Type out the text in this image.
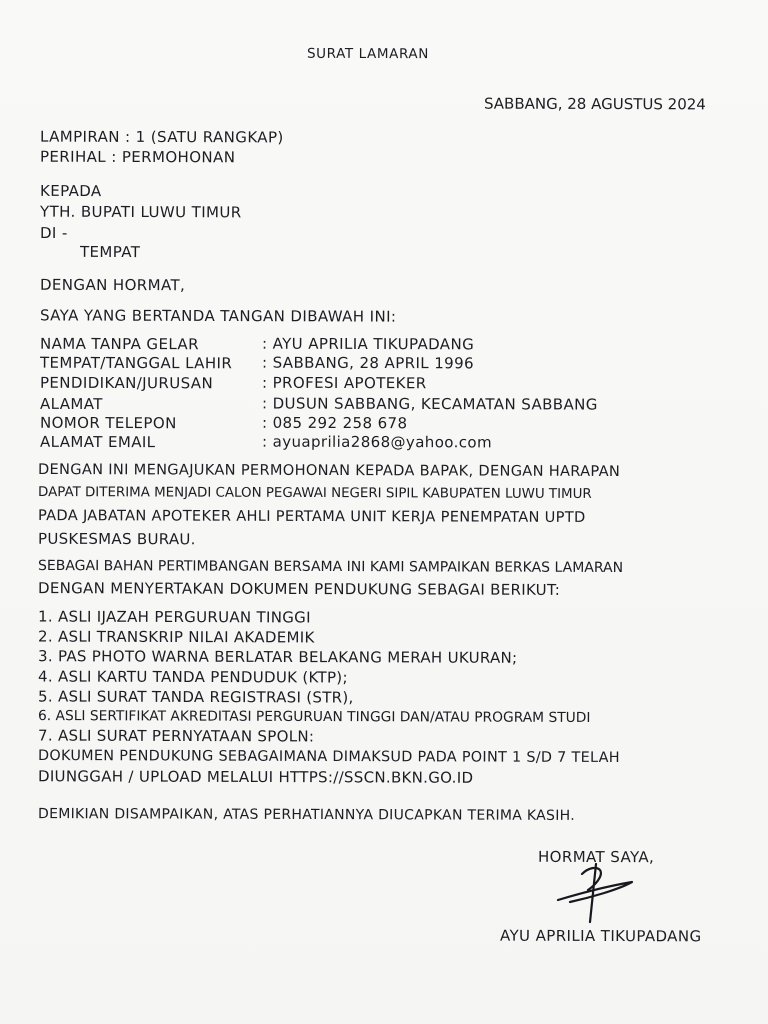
SURAT LAMARAN
SABBANG, 28 AGUSTUS 2024
LAMPIRAN : 1 (SATU RANGKAP)
PERIHAL : PERMOHONAN
KEPADA
YTH. BUPATI LUWU TIMUR
DI -
TEMPAT
DENGAN HORMAT,
SAYA YANG BERTANDA TANGAN DIBAWAH INI:
NAMA TANPA GELAR	: AYU APRILIA TIKUPADANG
TEMPAT/TANGGAL LAHIR : SABBANG, 28 APRIL 1996
PENDIDIKAN/JURUSAN	: PROFESI APOTEKER
ALAMAT	: DUSUN SABBANG, KECAMATAN SABBANG
NOMOR TELEPON	: 085 292 258 678
ALAMAT EMAIL	: ayuaprilia2868@yahoo.com
DENGAN INI MENGAJUKAN PERMOHONAN KEPADA BAPAK, DENGAN HARAPAN
DAPAT DITERIMA MENJADI CALON PEGAWAI NEGERI SIPIL KABUPATEN LUWU TIMUR
PADA JABATAN APOTEKER AHLI PERTAMA UNIT KERJA PENEMPATAN UPTD
PUSKESMAS BURAU.
SEBAGAI BAHAN PERTIMBANGAN BERSAMA INI KAMI SAMPAIKAN BERKAS LAMARAN
DENGAN MENYERTAKAN DOKUMEN PENDUKUNG SEBAGAI BERIKUT:
1. ASLI IJAZAH PERGURUAN TINGGI
2. ASLI TRANSKRIP NILAI AKADEMIK
3. PAS PHOTO WARNA BERLATAR BELAKANG MERAH UKURAN;
4. ASLI KARTU TANDA PENDUDUK (KTP);
5. ASLI SURAT TANDA REGISTRASI (STR),
6. ASLI SERTIFIKAT AKREDITASI PERGURUAN TINGGI DAN/ATAU PROGRAM STUDI
7. ASLI SURAT PERNYATAAN SPOLN:
DOKUMEN PENDUKUNG SEBAGAIMANA DIMAKSUD PADA POINT 1 S/D 7 TELAH
DIUNGGAH / UPLOAD MELALUI HTTPS://SSCN.BKN.GO.ID
DEMIKIAN DISAMPAIKAN, ATAS PERHATIANNYA DIUCAPKAN TERIMA KASIH.
HORMAT SAYA,
AYU APRILIA TIKUPADANG
